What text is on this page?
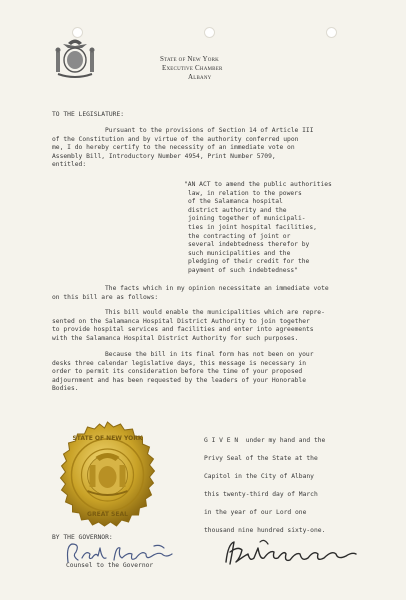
State of New York
Executive Chamber
Albany
TO THE LEGISLATURE:
Pursuant to the provisions of Section 14 of Article III
of the Constitution and by virtue of the authority conferred upon
me, I do hereby certify to the necessity of an immediate vote on
Assembly Bill, Introductory Number 4954, Print Number 5709,
entitled:
"AN ACT to amend the public authorities
law, in relation to the powers
of the Salamanca hospital
district authority and the
joining together of municipali-
ties in joint hospital facilities,
the contracting of joint or
several indebtedness therefor by
such municipalities and the
pledging of their credit for the
payment of such indebtedness"
The facts which in my opinion necessitate an immediate vote
on this bill are as follows:
This bill would enable the municipalities which are repre-
sented on the Salamanca Hospital District Authority to join together
to provide hospital services and facilities and enter into agreements
with the Salamanca Hospital District Authority for such purposes.
Because the bill in its final form has not been on your
desks three calendar legislative days, this message is necessary in
order to permit its consideration before the time of your proposed
adjournment and has been requested by the leaders of your Honorable
Bodies.
STATE OF NEW YORK
GREAT SEAL
G I V E N  under my hand and the
Privy Seal of the State at the
Capitol in the City of Albany
this twenty-third day of March
in the year of our Lord one
thousand nine hundred sixty-one.
BY THE GOVERNOR:
Counsel to the Governor
